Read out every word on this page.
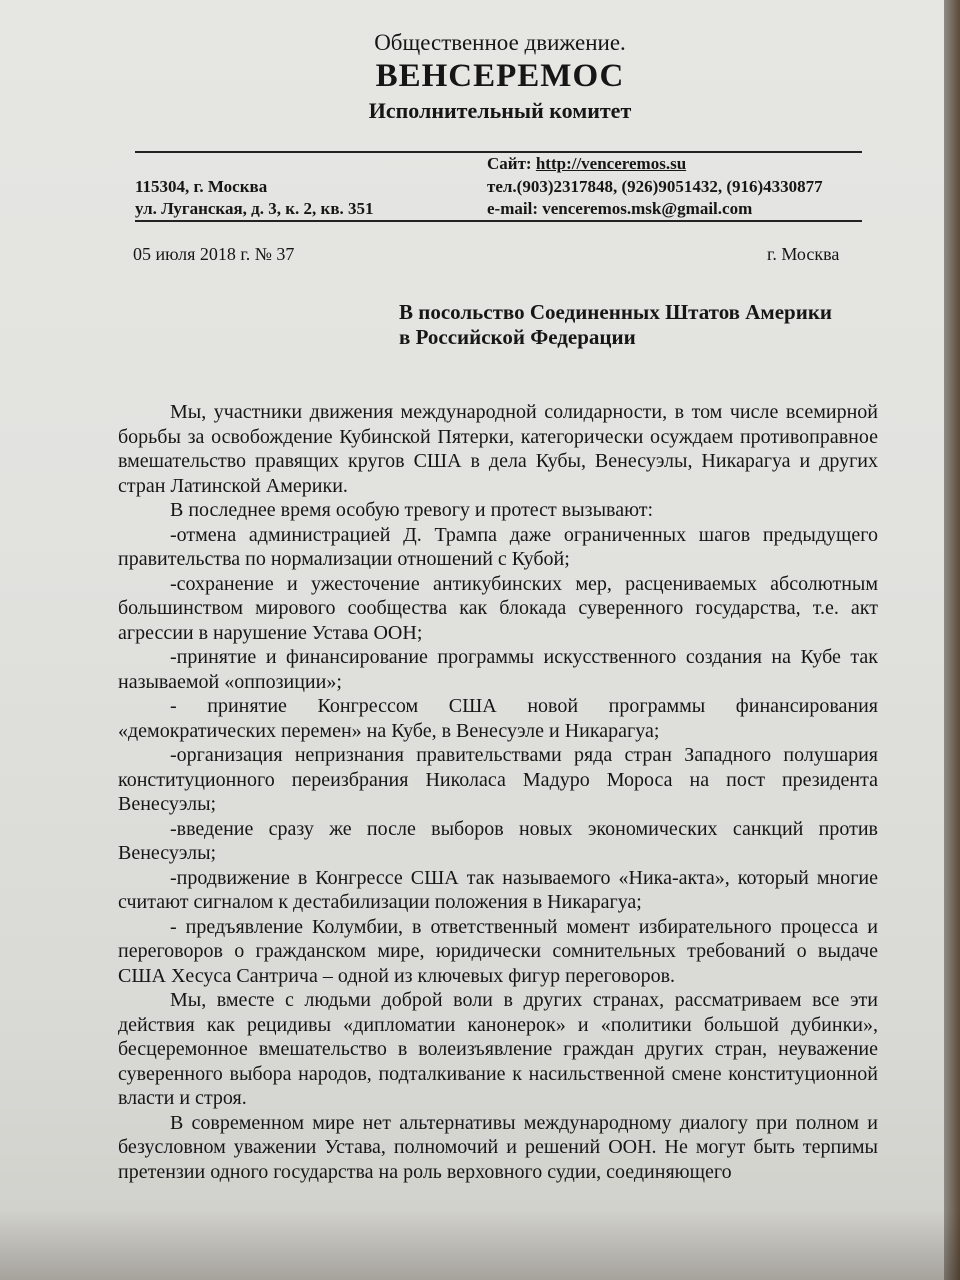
Общественное движение.
ВЕНСЕРЕМОС
Исполнительный комитет
Сайт: http://venceremos.su
115304, г. Москва	тел.(903)2317848, (926)9051432, (916)4330877
ул. Луганская, д. 3, к. 2, кв. 351	e-mail: venceremos.msk@gmail.com
05 июля 2018 г. № 37	г. Москва
В посольство Соединенных Штатов Америки
в Российской Федерации

Мы, участники движения международной солидарности, в том числе всемирной борьбы за освобождение Кубинской Пятерки, категорически осуждаем противоправное вмешательство правящих кругов США в дела Кубы, Венесуэлы, Никарагуа и других стран Латинской Америки.

В последнее время особую тревогу и протест вызывают:

-отмена администрацией Д. Трампа даже ограниченных шагов предыдущего правительства по нормализации отношений с Кубой;

-сохранение и ужесточение антикубинских мер, расцениваемых абсолютным большинством мирового сообщества как блокада суверенного государства, т.е. акт агрессии в нарушение Устава ООН;

-принятие и финансирование программы искусственного создания на Кубе так называемой «оппозиции»;

- принятие Конгрессом США новой программы финансирования «демократических перемен» на Кубе, в Венесуэле и Никарагуа;

-организация непризнания правительствами ряда стран Западного полушария конституционного переизбрания Николаса Мадуро Мороса на пост президента Венесуэлы;

-введение сразу же после выборов новых экономических санкций против Венесуэлы;

-продвижение в Конгрессе США так называемого «Ника-акта», который многие считают сигналом к дестабилизации положения в Никарагуа;

- предъявление Колумбии, в ответственный момент избирательного процесса и переговоров о гражданском мире, юридически сомнительных требований о выдаче США Хесуса Сантрича – одной из ключевых фигур переговоров.

Мы, вместе с людьми доброй воли в других странах, рассматриваем все эти действия как рецидивы «дипломатии канонерок» и «политики большой дубинки», бесцеремонное вмешательство в волеизъявление граждан других стран, неуважение суверенного выбора народов, подталкивание к насильственной смене конституционной власти и строя.

В современном мире нет альтернативы международному диалогу при полном и безусловном уважении Устава, полномочий и решений ООН. Не могут быть терпимы претензии одного государства на роль верховного судии, соединяющего
